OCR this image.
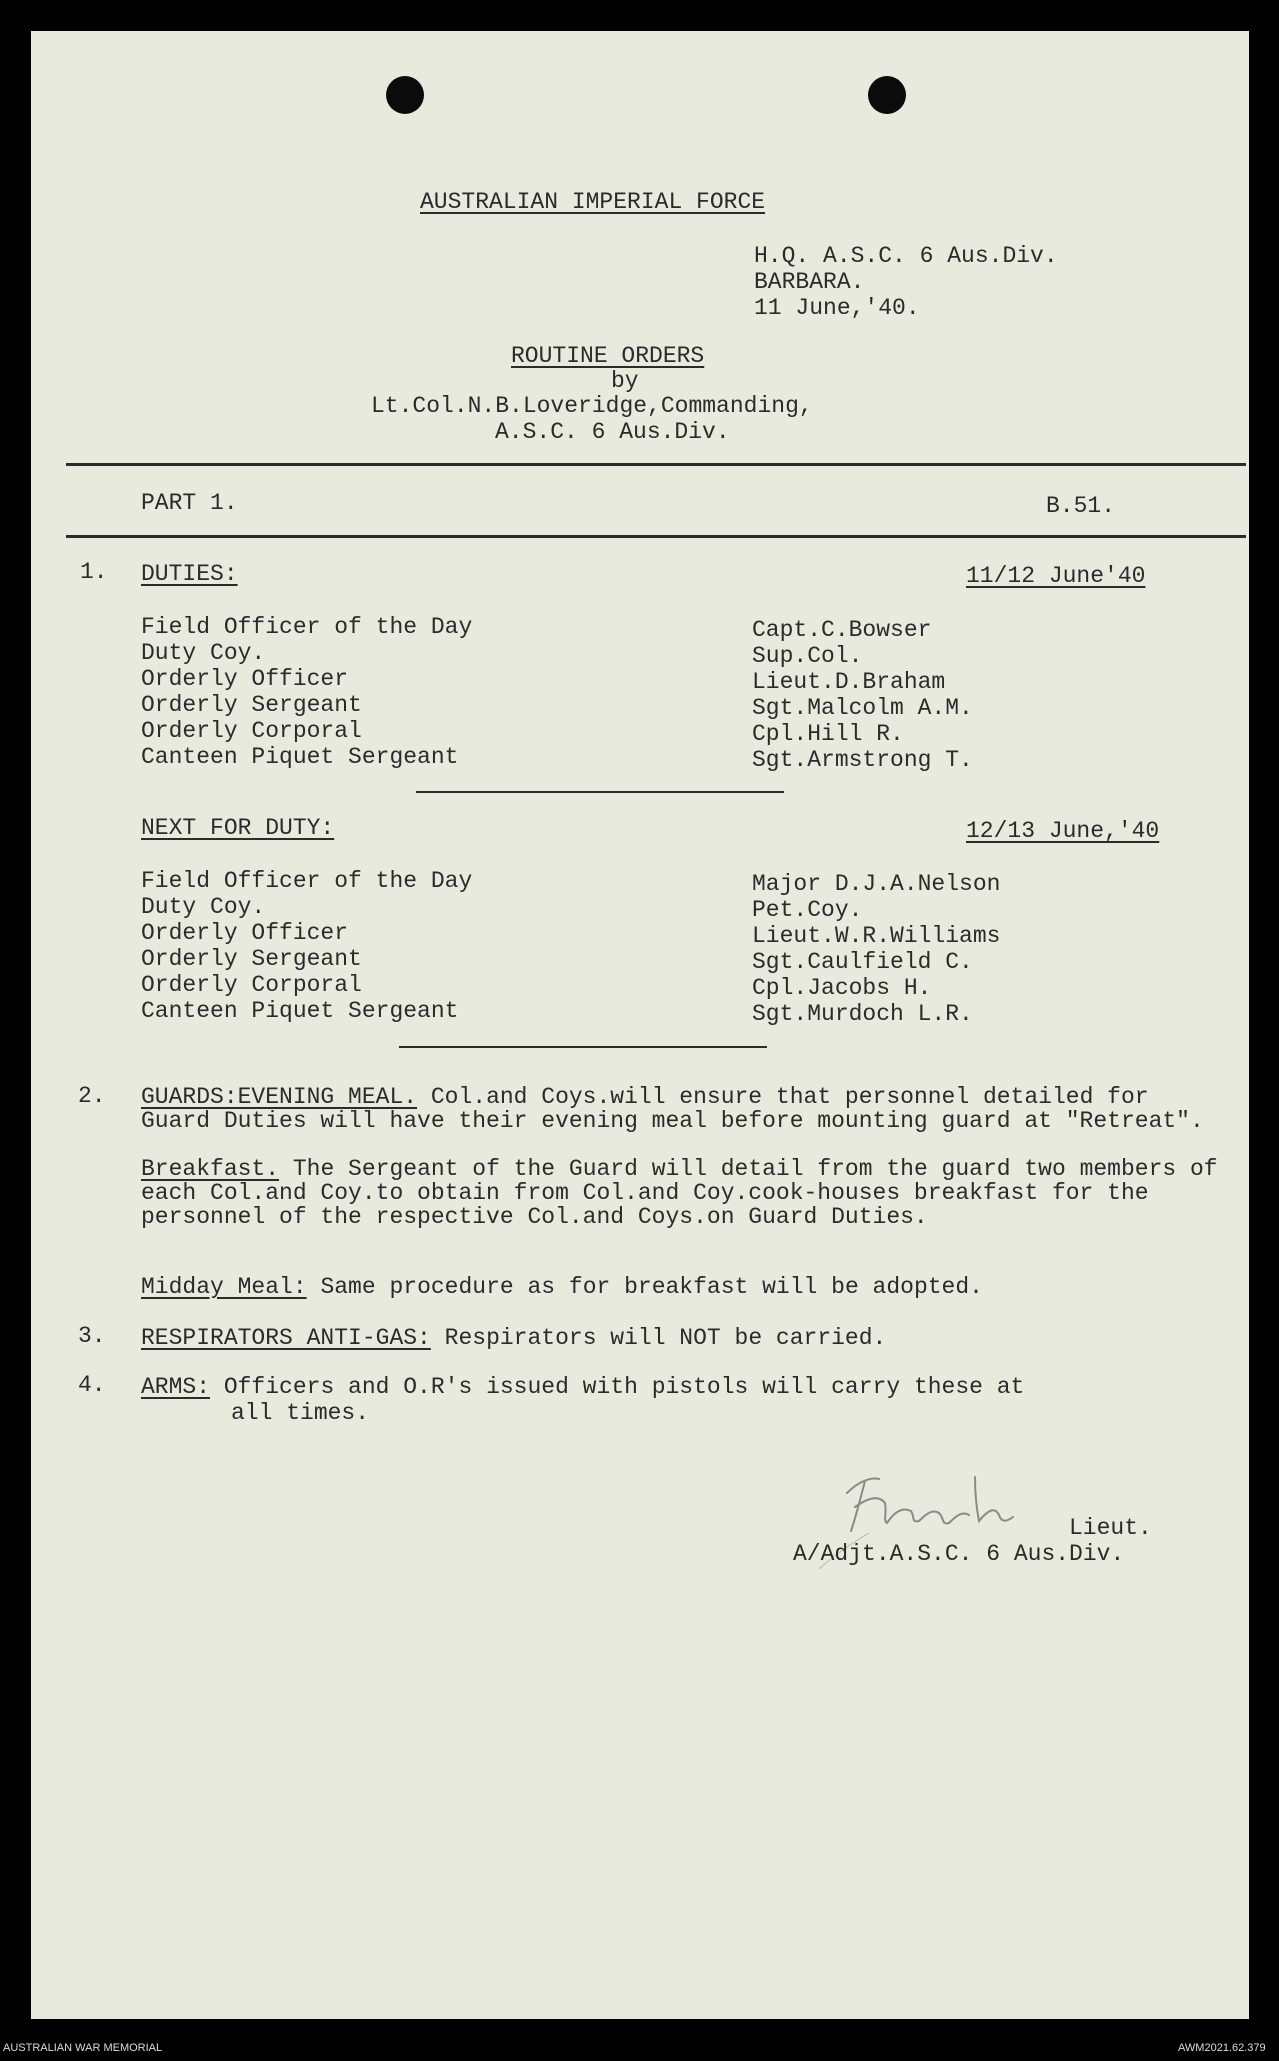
AUSTRALIAN IMPERIAL FORCE
H.Q. A.S.C. 6 Aus.Div.
BARBARA.
11 June,'40.
ROUTINE ORDERS
by
Lt.Col.N.B.Loveridge,Commanding,
A.S.C. 6 Aus.Div.
PART 1.	B.51.
1. DUTIES:	11/12 June'40
Field Officer of the Day	Capt.C.Bowser
Duty Coy.	Sup.Col.
Orderly Officer	Lieut.D.Braham
Orderly Sergeant	Sgt.Malcolm A.M.
Orderly Corporal	Cpl.Hill R.
Canteen Piquet Sergeant	Sgt.Armstrong T.
NEXT FOR DUTY:	12/13 June,'40
Field Officer of the Day	Major D.J.A.Nelson
Duty Coy.	Pet.Coy.
Orderly Officer	Lieut.W.R.Williams
Orderly Sergeant	Sgt.Caulfield C.
Orderly Corporal	Cpl.Jacobs H.
Canteen Piquet Sergeant	Sgt.Murdoch L.R.
2. GUARDS:EVENING MEAL. Col.and Coys.will ensure that personnel detailed for Guard Duties will have their evening meal before mounting guard at "Retreat".
Breakfast. The Sergeant of the Guard will detail from the guard two members of each Col.and Coy.to obtain from Col.and Coy.cook-houses breakfast for the personnel of the respective Col.and Coys.on Guard Duties.
Midday Meal: Same procedure as for breakfast will be adopted.
3. RESPIRATORS ANTI-GAS: Respirators will NOT be carried.
4. ARMS: Officers and O.R's issued with pistols will carry these at
all times.
Lieut.
A/Adjt.A.S.C. 6 Aus.Div.
AUSTRALIAN WAR MEMORIAL	AWM2021.62.379
